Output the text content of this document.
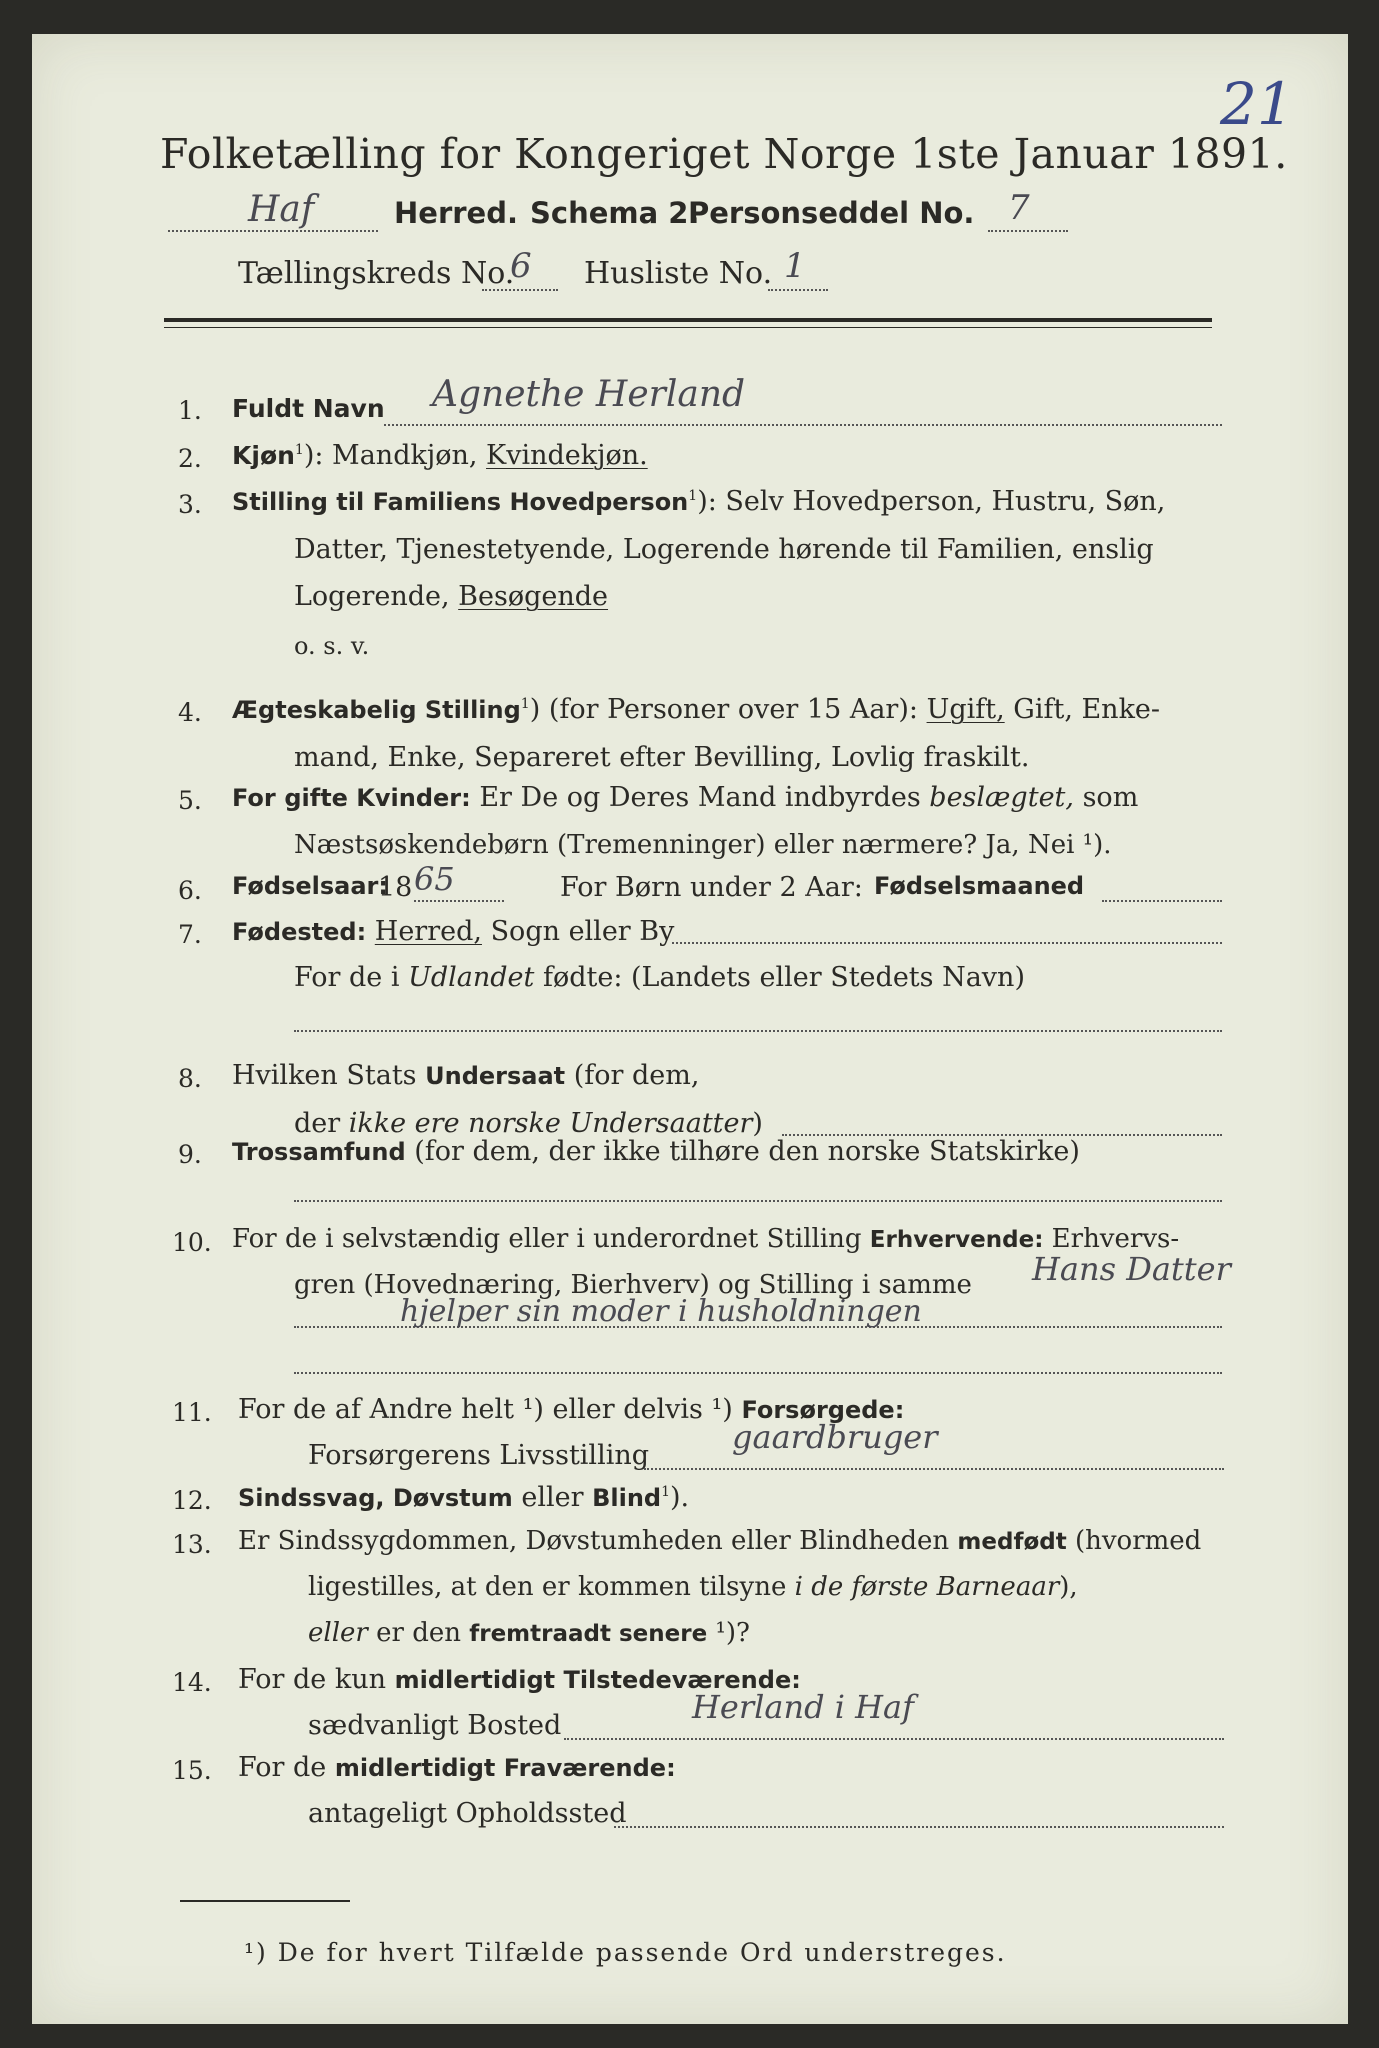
21
Folketælling for Kongeriget Norge 1ste Januar 1891.
Haf	Herred. Schema 2.
Personseddel No. 7
Tællingskreds No.
6 Husliste No. 1
1. Fuldt Navn Agnethe Herland
2. Kjøn$^1$): Mandkjøn, Kvindekjøn.
3. Stilling til Familiens Hovedperson$^1$): Selv Hovedperson, Hustru, Søn,
Datter, Tjenestetyende, Logerende hørende til Familien, enslig
Logerende, Besøgende
o. s. v.
4. Ægteskabelig Stilling$^1$) (for Personer over 15 Aar): Ugift, Gift, Enke-
mand, Enke, Separeret efter Bevilling, Lovlig fraskilt.
5. For gifte Kvinder: Er De og Deres Mand indbyrdes beslægtet, som
Næstsøskendebørn (Tremenninger) eller nærmere? Ja, Nei ¹).
6. Fødselsaar:
18 65	For Børn under 2 Aar: Fødselsmaaned
7. Fødested: Herred, Sogn eller By
For de i Udlandet fødte: (Landets eller Stedets Navn)
8. Hvilken Stats Undersaat (for dem,
der ikke ere norske Undersaatter)
9. Trossamfund (for dem, der ikke tilhøre den norske Statskirke)
10. For de i selvstændig eller i underordnet Stilling Erhvervende: Erhvervs-
gren (Hovednæring, Bierhverv) og Stilling i samme Hans Datter
hjelper sin moder i husholdningen
11. For de af Andre helt ¹) eller delvis ¹) Forsørgede:
Forsørgerens Livsstilling	gaardbruger
12. Sindssvag, Døvstum eller Blind$^1$).
13. Er Sindssygdommen, Døvstumheden eller Blindheden medfødt (hvormed
ligestilles, at den er kommen tilsyne i de første Barneaar),
eller er den fremtraadt senere ¹)?
14. For de kun midlertidigt Tilstedeværende:
sædvanligt Bosted	Herland i Haf
15. For de midlertidigt Fraværende:
antageligt Opholdssted
¹) De for hvert Tilfælde passende Ord understreges.
